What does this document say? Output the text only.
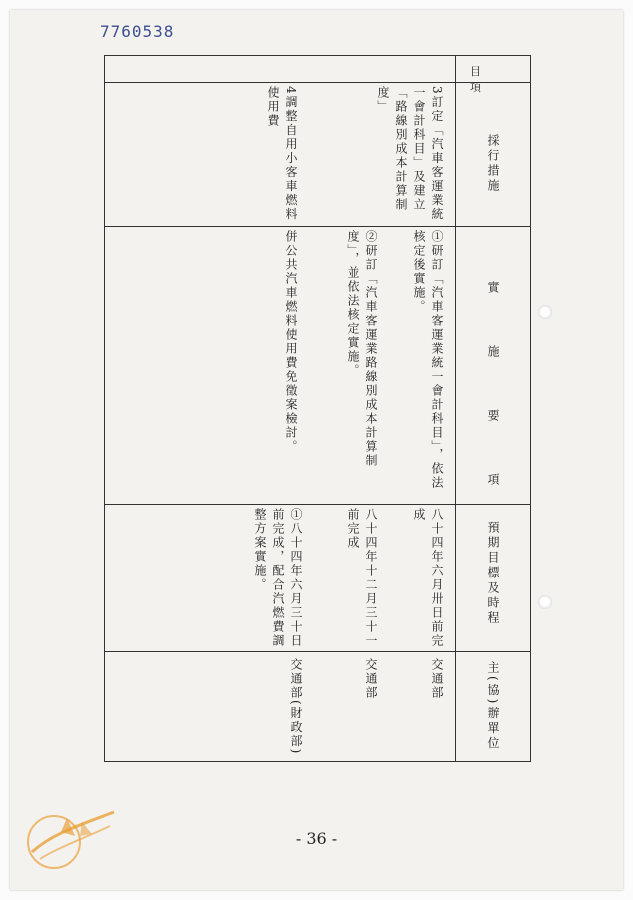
7760538
目　項
採行措施
實　施　要　項
預期目標及時程
主(協)辦單位
3訂定「汽車客運業統一會計科目」及建立「路線別成本計算制度」
4調整自用小客車燃料使用費
①研訂「汽車客運業統一會計科目」，依法核定後實施。
②研訂「汽車客運業路線別成本計算制度」，並依法核定實施。
併公共汽車燃料使用費免徵案檢討。
八十四年六月卅日前完成
八十四年十二月三十一前完成
①八十四年六月三十日前完成，配合汽燃費調整方案實施。
交通部
交通部
交通部(財政部)
- 36 -
